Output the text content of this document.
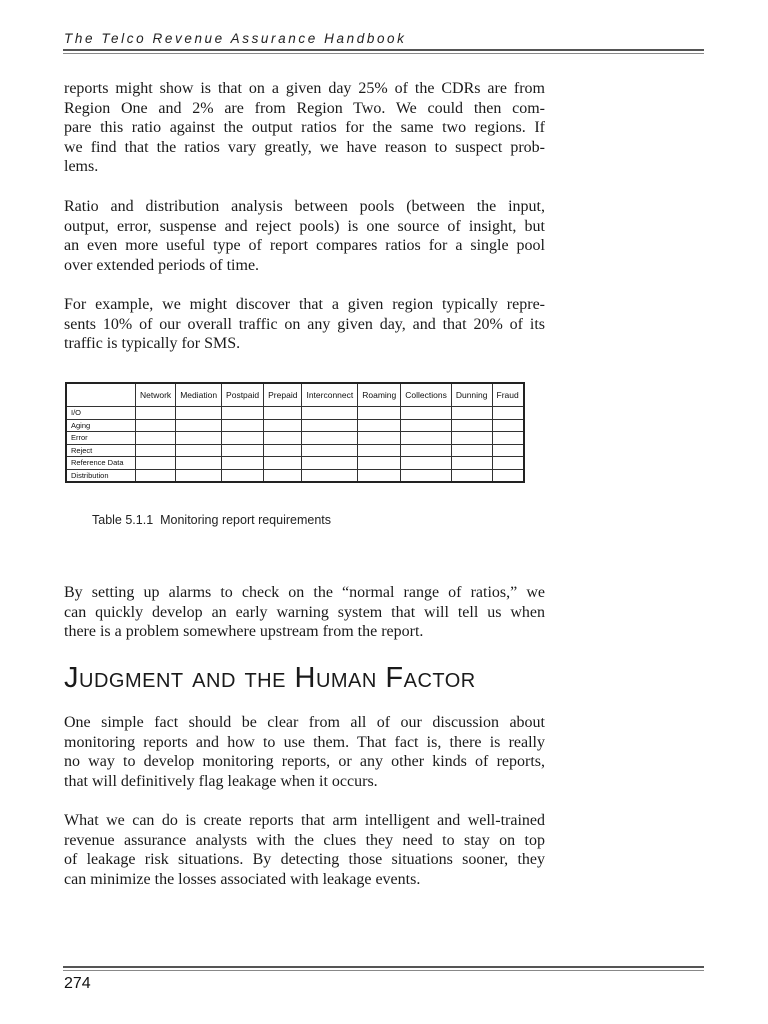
The Telco Revenue Assurance Handbook

reports might show is that on a given day 25% of the CDRs are from
Region One and 2% are from Region Two. We could then com-
pare this ratio against the output ratios for the same two regions. If
we find that the ratios vary greatly, we have reason to suspect prob-
lems.

Ratio and distribution analysis between pools (between the input,
output, error, suspense and reject pools) is one source of insight, but
an even more useful type of report compares ratios for a single pool
over extended periods of time.

For example, we might discover that a given region typically repre-
sents 10% of our overall traffic on any given day, and that 20% of its
traffic is typically for SMS.

	Network	Mediation	Postpaid	Prepaid	Interconnect	Roaming	Collections	Dunning	Fraud
I/O									
Aging									
Error									
Reject									
Reference Data									
Distribution									
Table 5.1.1  Monitoring report requirements

By setting up alarms to check on the “normal range of ratios,” we
can quickly develop an early warning system that will tell us when
there is a problem somewhere upstream from the report.

Judgment and the Human Factor

One simple fact should be clear from all of our discussion about
monitoring reports and how to use them. That fact is, there is really
no way to develop monitoring reports, or any other kinds of reports,
that will definitively flag leakage when it occurs.

What we can do is create reports that arm intelligent and well-trained
revenue assurance analysts with the clues they need to stay on top
of leakage risk situations. By detecting those situations sooner, they
can minimize the losses associated with leakage events.

274
